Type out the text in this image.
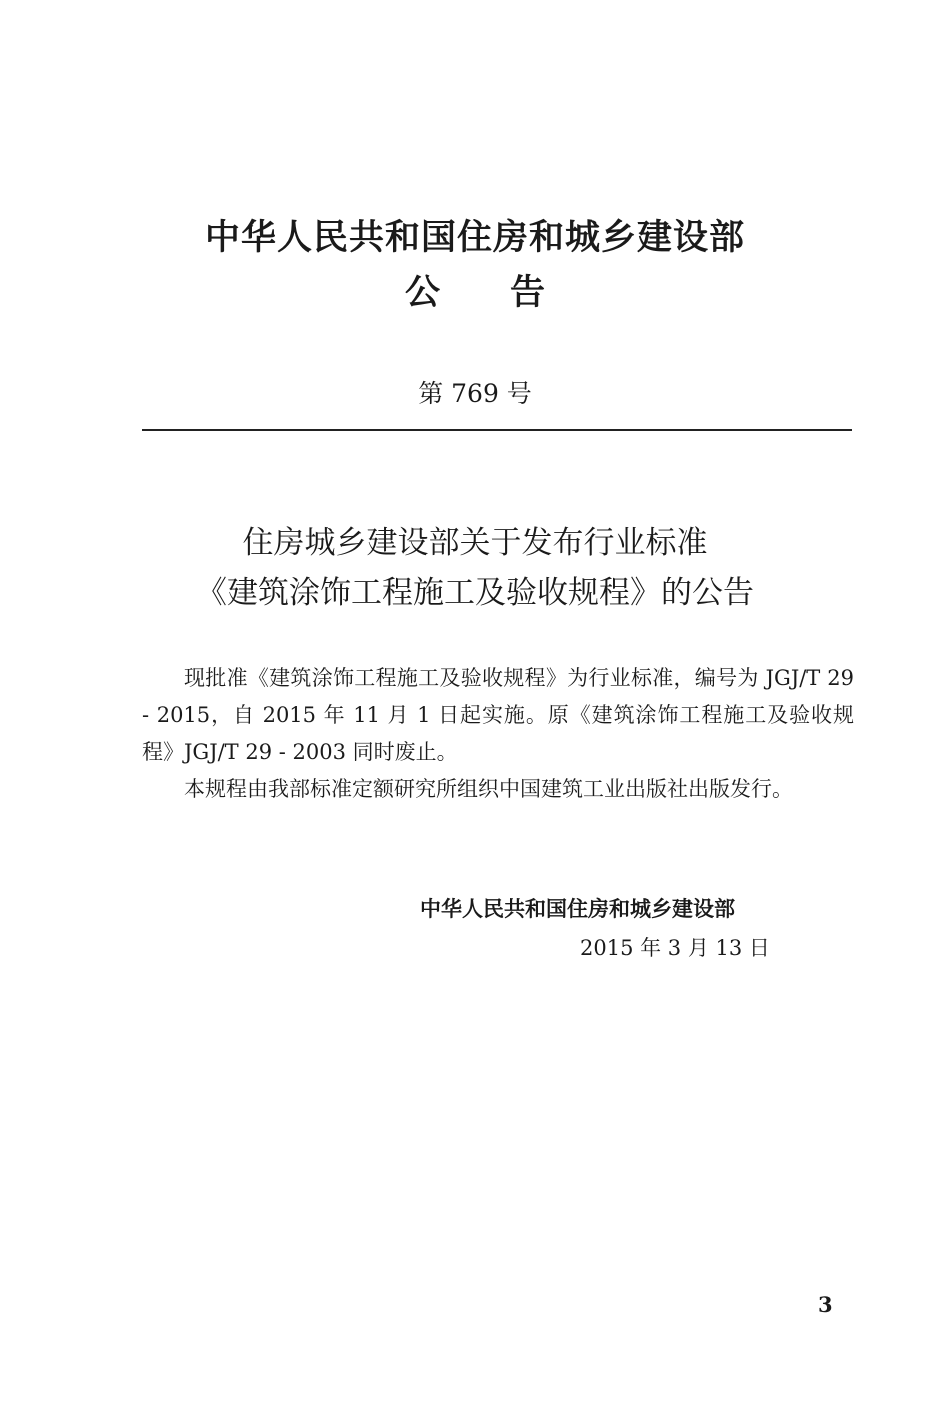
中华人民共和国住房和城乡建设部
公 告
第 769 号
住房城乡建设部关于发布行业标准
《建筑涂饰工程施工及验收规程》的公告

现批准《建筑涂饰工程施工及验收规程》为行业标准，编号为 JGJ/T 29 - 2015，自 2015 年 11 月 1 日起实施。原《建筑涂饰工程施工及验收规程》JGJ/T 29 - 2003 同时废止。

本规程由我部标准定额研究所组织中国建筑工业出版社出版发行。

中华人民共和国住房和城乡建设部
2015 年 3 月 13 日
3
